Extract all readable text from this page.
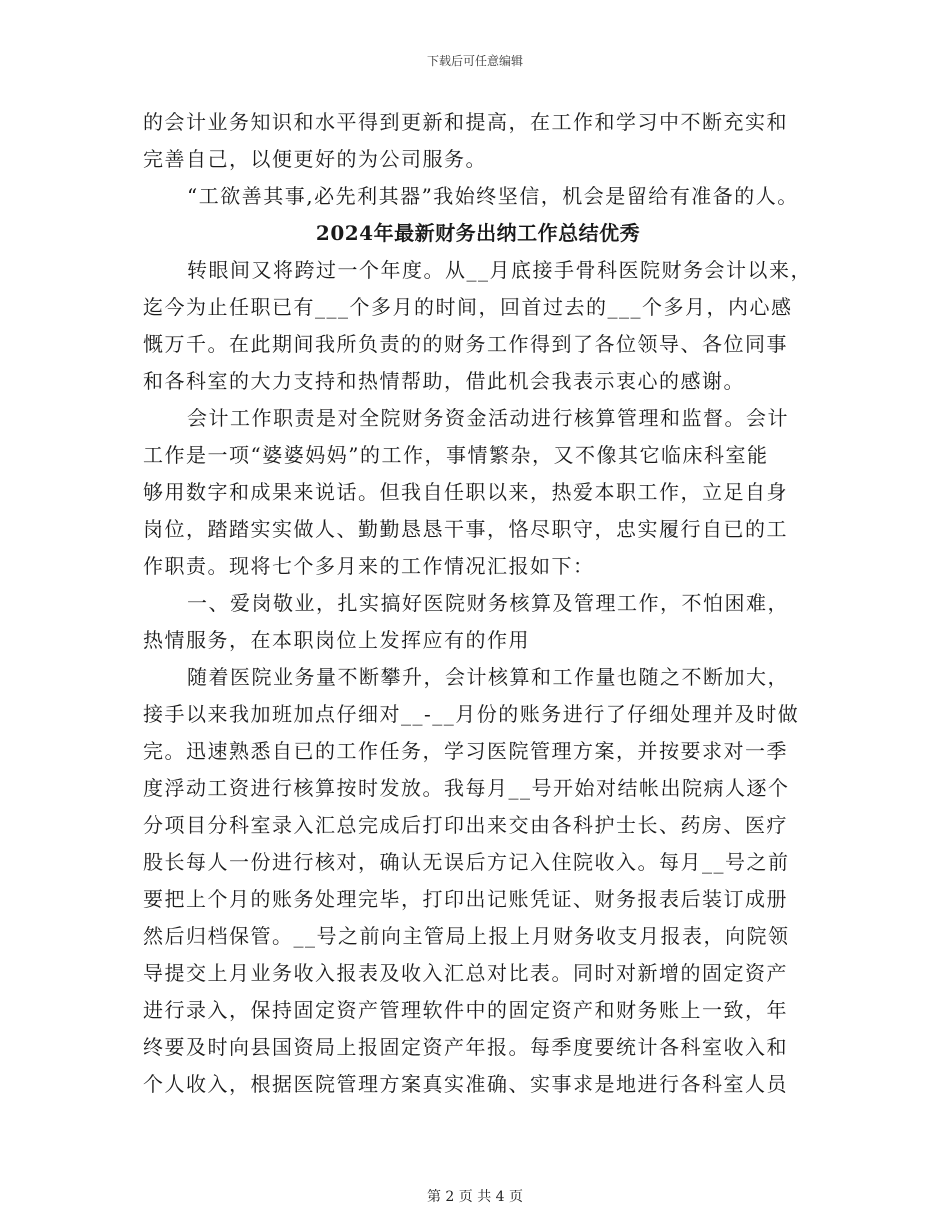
下载后可任意编辑

的会计业务知识和水平得到更新和提高，在工作和学习中不断充实和

完善自己，以便更好的为公司服务。

“工欲善其事,必先利其器”我始终坚信，机会是留给有准备的人。

2024年最新财务出纳工作总结优秀

转眼间又将跨过一个年度。从__月底接手骨科医院财务会计以来，

迄今为止任职已有___个多月的时间，回首过去的___个多月，内心感

慨万千。在此期间我所负责的的财务工作得到了各位领导、各位同事

和各科室的大力支持和热情帮助，借此机会我表示衷心的感谢。

会计工作职责是对全院财务资金活动进行核算管理和监督。会计

工作是一项“婆婆妈妈”的工作，事情繁杂，又不像其它临床科室能

够用数字和成果来说话。但我自任职以来，热爱本职工作，立足自身

岗位，踏踏实实做人、勤勤恳恳干事，恪尽职守，忠实履行自已的工

作职责。现将七个多月来的工作情况汇报如下：

一、爱岗敬业，扎实搞好医院财务核算及管理工作，不怕困难，

热情服务，在本职岗位上发挥应有的作用

随着医院业务量不断攀升，会计核算和工作量也随之不断加大，

接手以来我加班加点仔细对__-__月份的账务进行了仔细处理并及时做

完。迅速熟悉自已的工作任务，学习医院管理方案，并按要求对一季

度浮动工资进行核算按时发放。我每月__号开始对结帐出院病人逐个

分项目分科室录入汇总完成后打印出来交由各科护士长、药房、医疗

股长每人一份进行核对，确认无误后方记入住院收入。每月__号之前

要把上个月的账务处理完毕，打印出记账凭证、财务报表后装订成册

然后归档保管。__号之前向主管局上报上月财务收支月报表，向院领

导提交上月业务收入报表及收入汇总对比表。同时对新增的固定资产

进行录入，保持固定资产管理软件中的固定资产和财务账上一致，年

终要及时向县国资局上报固定资产年报。每季度要统计各科室收入和

个人收入，根据医院管理方案真实准确、实事求是地进行各科室人员

第 2 页 共 4 页
